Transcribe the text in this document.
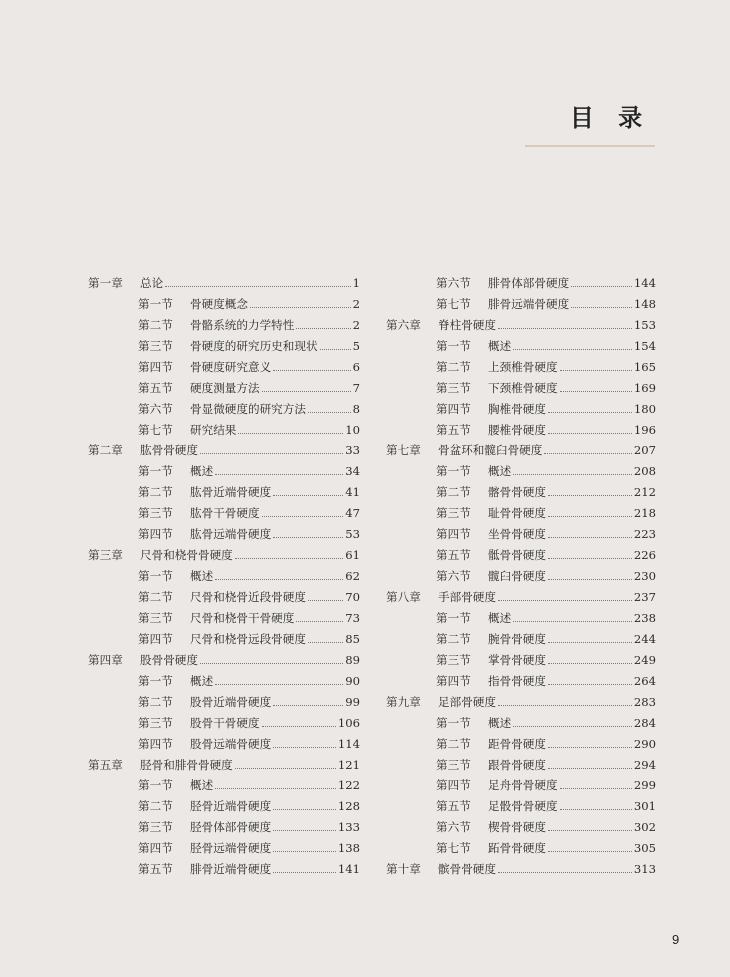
目 录
第一章	总论	1
第一节	骨硬度概念	2
第二节	骨骼系统的力学特性	2
第三节	骨硬度的研究历史和现状	5
第四节	骨硬度研究意义	6
第五节	硬度测量方法	7
第六节	骨显微硬度的研究方法	8
第七节	研究结果	10
第二章	肱骨骨硬度	33
第一节	概述	34
第二节	肱骨近端骨硬度	41
第三节	肱骨干骨硬度	47
第四节	肱骨远端骨硬度	53
第三章	尺骨和桡骨骨硬度	61
第一节	概述	62
第二节	尺骨和桡骨近段骨硬度	70
第三节	尺骨和桡骨干骨硬度	73
第四节	尺骨和桡骨远段骨硬度	85
第四章	股骨骨硬度	89
第一节	概述	90
第二节	股骨近端骨硬度	99
第三节	股骨干骨硬度	106
第四节	股骨远端骨硬度	114
第五章	胫骨和腓骨骨硬度	121
第一节	概述	122
第二节	胫骨近端骨硬度	128
第三节	胫骨体部骨硬度	133
第四节	胫骨远端骨硬度	138
第五节	腓骨近端骨硬度	141
第六节	腓骨体部骨硬度	144
第七节	腓骨远端骨硬度	148
第六章	脊柱骨硬度	153
第一节	概述	154
第二节	上颈椎骨硬度	165
第三节	下颈椎骨硬度	169
第四节	胸椎骨硬度	180
第五节	腰椎骨硬度	196
第七章	骨盆环和髋臼骨硬度	207
第一节	概述	208
第二节	髂骨骨硬度	212
第三节	耻骨骨硬度	218
第四节	坐骨骨硬度	223
第五节	骶骨骨硬度	226
第六节	髋臼骨硬度	230
第八章	手部骨硬度	237
第一节	概述	238
第二节	腕骨骨硬度	244
第三节	掌骨骨硬度	249
第四节	指骨骨硬度	264
第九章	足部骨硬度	283
第一节	概述	284
第二节	距骨骨硬度	290
第三节	跟骨骨硬度	294
第四节	足舟骨骨硬度	299
第五节	足骰骨骨硬度	301
第六节	楔骨骨硬度	302
第七节	跖骨骨硬度	305
第十章	髌骨骨硬度	313
9
